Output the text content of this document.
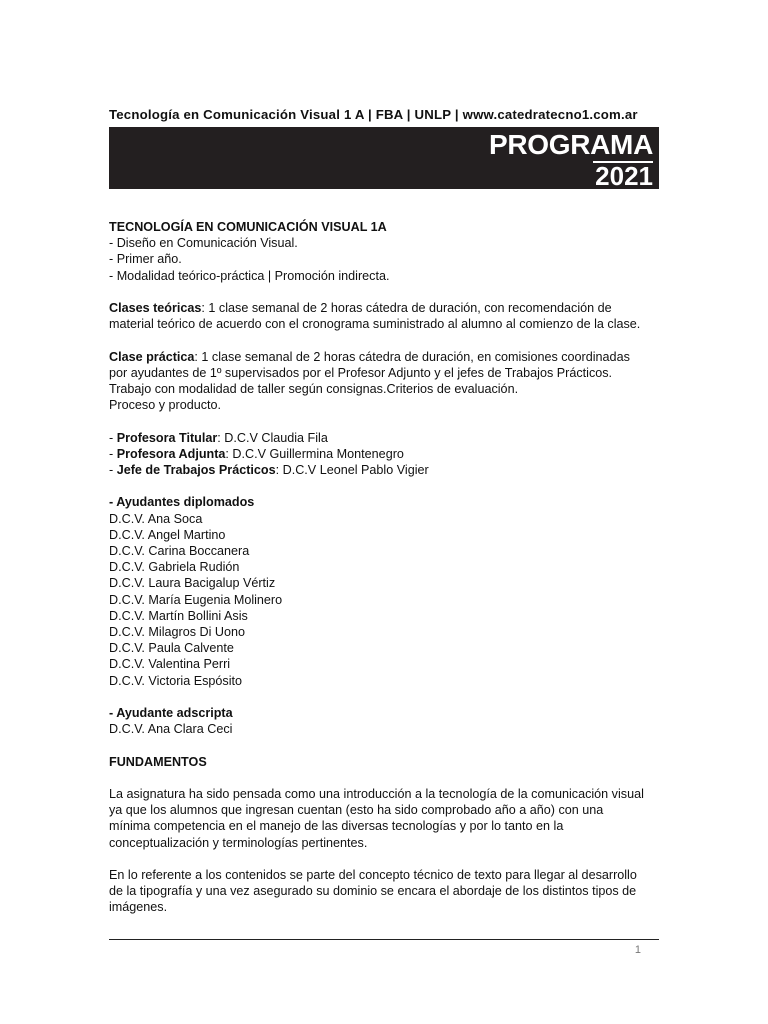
Tecnología en Comunicación Visual 1 A | FBA | UNLP | www.catedratecno1.com.ar
PROGRAMA
2021

TECNOLOGÍA EN COMUNICACIÓN VISUAL 1A

- Diseño en Comunicación Visual.

- Primer año.

- Modalidad teórico-práctica | Promoción indirecta.

Clases teóricas: 1 clase semanal de 2 horas cátedra de duración, con recomendación de

material teórico de acuerdo con el cronograma suministrado al alumno al comienzo de la clase.

Clase práctica: 1 clase semanal de 2 horas cátedra de duración, en comisiones coordinadas

por ayudantes de 1º supervisados por el Profesor Adjunto y el jefes de Trabajos Prácticos.

Trabajo con modalidad de taller según consignas.Criterios de evaluación.

Proceso y producto.

- Profesora Titular: D.C.V Claudia Fila

- Profesora Adjunta: D.C.V Guillermina Montenegro

- Jefe de Trabajos Prácticos: D.C.V Leonel Pablo Vigier

- Ayudantes diplomados

D.C.V. Ana Soca

D.C.V. Angel Martino

D.C.V. Carina Boccanera

D.C.V. Gabriela Rudión

D.C.V. Laura Bacigalup Vértiz

D.C.V. María Eugenia Molinero

D.C.V. Martín Bollini Asis

D.C.V. Milagros Di Uono

D.C.V. Paula Calvente

D.C.V. Valentina Perri

D.C.V. Victoria Espósito

- Ayudante adscripta

D.C.V. Ana Clara Ceci

FUNDAMENTOS

La asignatura ha sido pensada como una introducción a la tecnología de la comunicación visual

ya que los alumnos que ingresan cuentan (esto ha sido comprobado año a año) con una

mínima competencia en el manejo de las diversas tecnologías y por lo tanto en la

conceptualización y terminologías pertinentes.

En lo referente a los contenidos se parte del concepto técnico de texto para llegar al desarrollo

de la tipografía y una vez asegurado su dominio se encara el abordaje de los distintos tipos de

imágenes.

1
